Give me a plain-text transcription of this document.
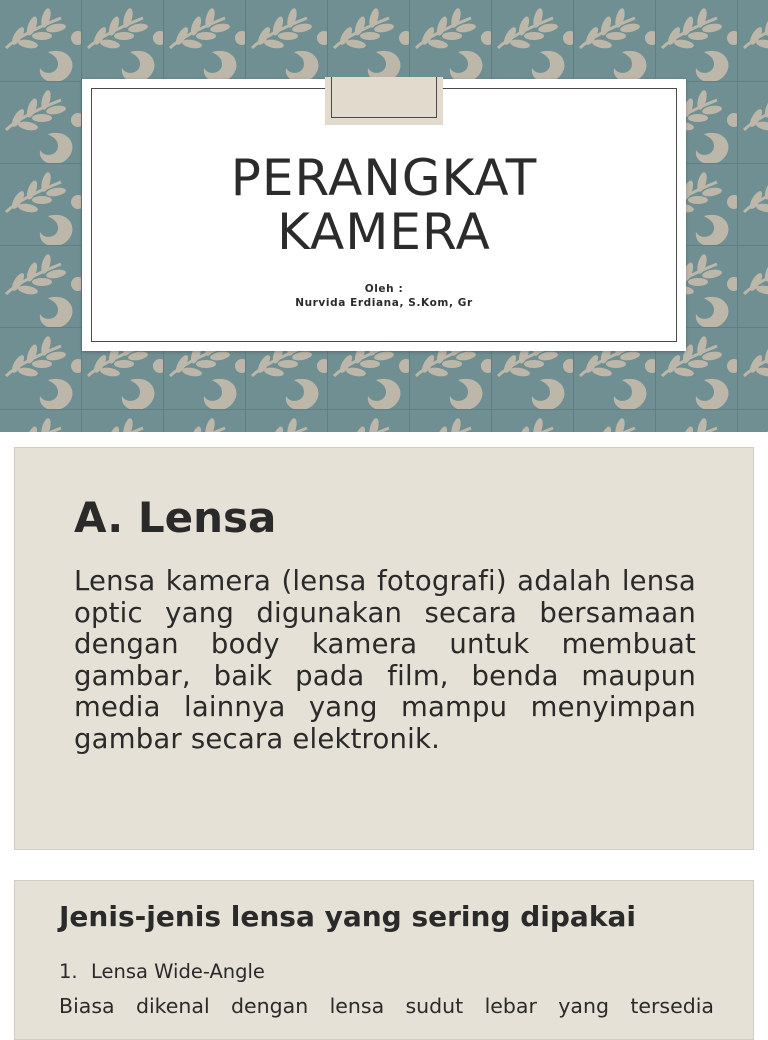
PERANGKAT
KAMERA
Oleh :
Nurvida Erdiana, S.Kom, Gr
A. Lensa

Lensa kamera (lensa fotografi) adalah lensa optic yang digunakan secara bersamaan dengan body kamera untuk membuat gambar, baik pada film, benda maupun media lainnya yang mampu menyimpan gambar secara elektronik.

Jenis-jenis lensa yang sering dipakai
1. Lensa Wide-Angle
Biasa dikenal dengan lensa sudut lebar yang tersedia
